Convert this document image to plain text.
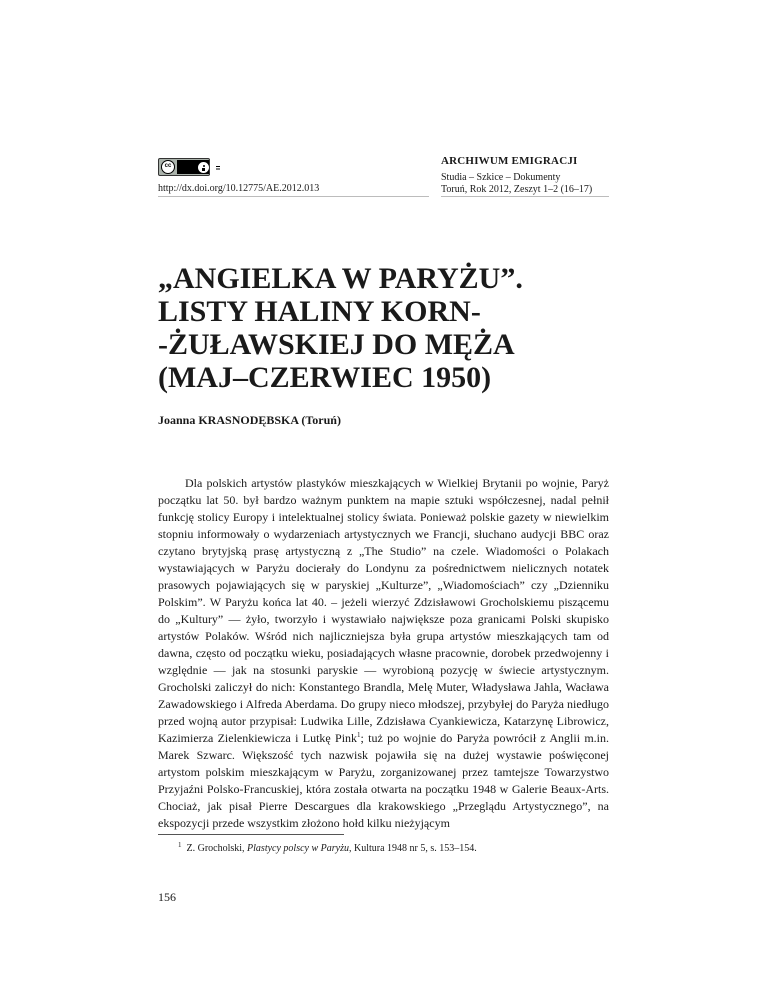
cc
http://dx.doi.org/10.12775/AE.2012.013
ARCHIWUM EMIGRACJI
Studia – Szkice – Dokumenty
Toruń, Rok 2012, Zeszyt 1–2 (16–17)
„ANGIELKA W PARYŻU”.
LISTY HALINY KORN-
-ŻUŁAWSKIEJ DO MĘŻA
(MAJ–CZERWIEC 1950)
Joanna KRASNODĘBSKA (Toruń)

Dla polskich artystów plastyków mieszkających w Wielkiej Brytanii po wojnie, Paryż początku lat 50. był bardzo ważnym punktem na mapie sztuki współczesnej, nadal pełnił funkcję stolicy Europy i intelektualnej stolicy świata. Ponieważ polskie gazety w niewielkim stopniu informowały o wydarzeniach artystycznych we Francji, słuchano audycji BBC oraz czytano brytyjską prasę artystyczną z „The Studio” na czele. Wiadomości o Polakach wystawiających w Paryżu docierały do Londynu za pośrednictwem nielicznych notatek prasowych pojawiających się w paryskiej „Kulturze”, „Wiadomościach” czy „Dzienniku Polskim”. W Paryżu końca lat 40. – jeżeli wierzyć Zdzisławowi Grocholskiemu piszącemu do „Kultury” — żyło, tworzyło i wystawiało największe poza granicami Polski skupisko artystów Polaków. Wśród nich najliczniejsza była grupa artystów mieszkających tam od dawna, często od początku wieku, posiadających własne pracownie, dorobek przedwojenny i względnie — jak na stosunki paryskie — wyrobioną pozycję w świecie artystycznym. Grocholski zaliczył do nich: Konstantego Brandla, Melę Muter, Władysława Jahla, Wacława Zawadowskiego i Alfreda Aberdama. Do grupy nieco młodszej, przybyłej do Paryża niedługo przed wojną autor przypisał: Ludwika Lille, Zdzisława Cyankiewicza, Katarzynę Librowicz, Kazimierza Zielenkiewicza i Lutkę Pink$^1$; tuż po wojnie do Paryża powrócił z Anglii m.in. Marek Szwarc. Większość tych nazwisk pojawiła się na dużej wystawie poświęconej artystom polskim mieszkającym w Paryżu, zorganizowanej przez tamtejsze Towarzystwo Przyjaźni Polsko-Francuskiej, która została otwarta na początku 1948 w Galerie Beaux-Arts. Chociaż, jak pisał Pierre Descargues dla krakowskiego „Przeglądu Artystycznego”, na ekspozycji przede wszystkim złożono hołd kilku nieżyjącym

$^1$ Z. Grocholski, Plastycy polscy w Paryżu, Kultura 1948 nr 5, s. 153–154.
156
